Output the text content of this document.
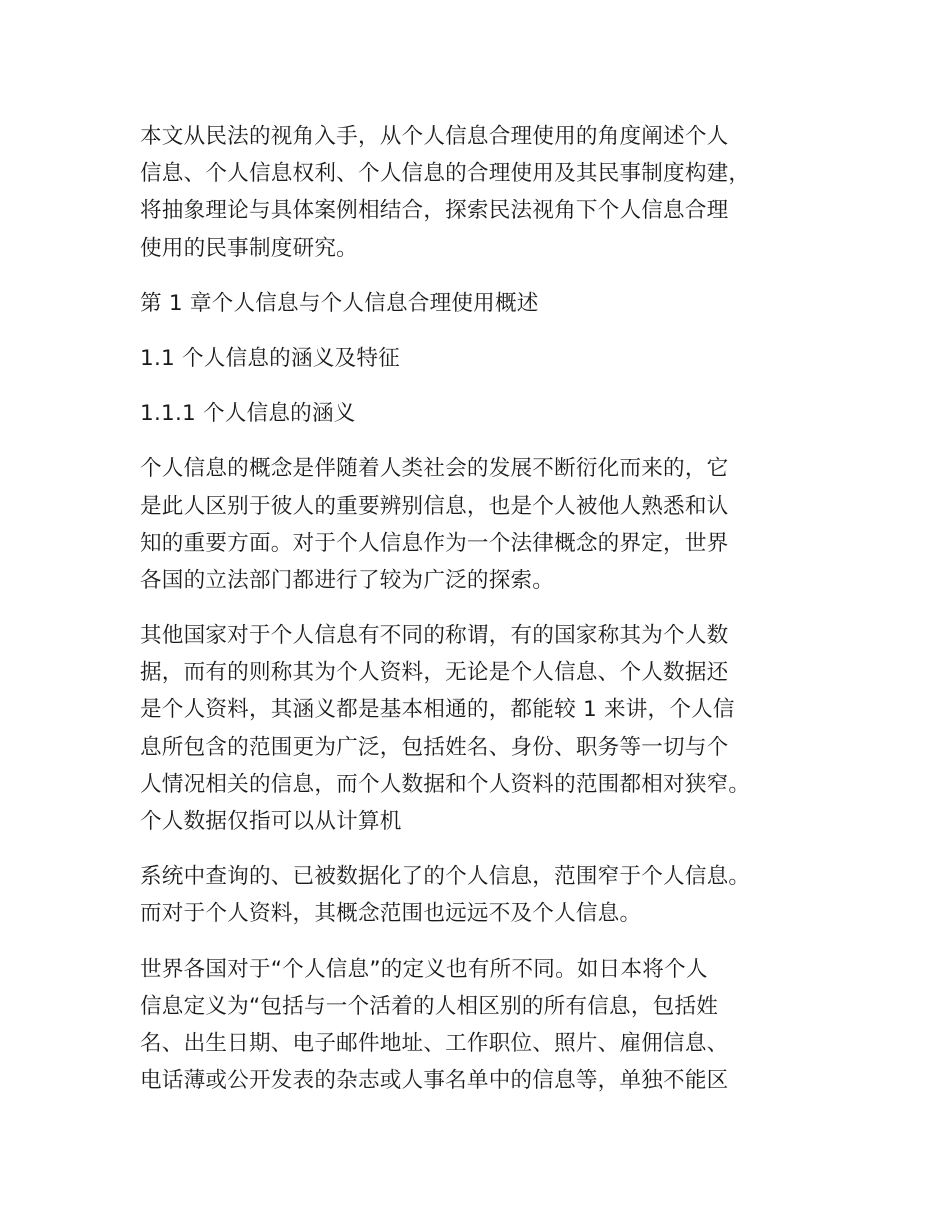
本文从民法的视角入手，从个人信息合理使用的角度阐述个人
信息、个人信息权利、个人信息的合理使用及其民事制度构建，
将抽象理论与具体案例相结合，探索民法视角下个人信息合理
使用的民事制度研究。
第 1 章个人信息与个人信息合理使用概述
1.1 个人信息的涵义及特征
1.1.1 个人信息的涵义
个人信息的概念是伴随着人类社会的发展不断衍化而来的，它
是此人区别于彼人的重要辨别信息，也是个人被他人熟悉和认
知的重要方面。对于个人信息作为一个法律概念的界定，世界
各国的立法部门都进行了较为广泛的探索。
其他国家对于个人信息有不同的称谓，有的国家称其为个人数
据，而有的则称其为个人资料，无论是个人信息、个人数据还
是个人资料，其涵义都是基本相通的，都能较 1 来讲，个人信
息所包含的范围更为广泛，包括姓名、身份、职务等一切与个
人情况相关的信息，而个人数据和个人资料的范围都相对狭窄。
个人数据仅指可以从计算机
系统中查询的、已被数据化了的个人信息，范围窄于个人信息。
而对于个人资料，其概念范围也远远不及个人信息。
世界各国对于“个人信息”的定义也有所不同。如日本将个人
信息定义为“包括与一个活着的人相区别的所有信息，包括姓
名、出生日期、电子邮件地址、工作职位、照片、雇佣信息、
电话薄或公开发表的杂志或人事名单中的信息等，单独不能区
